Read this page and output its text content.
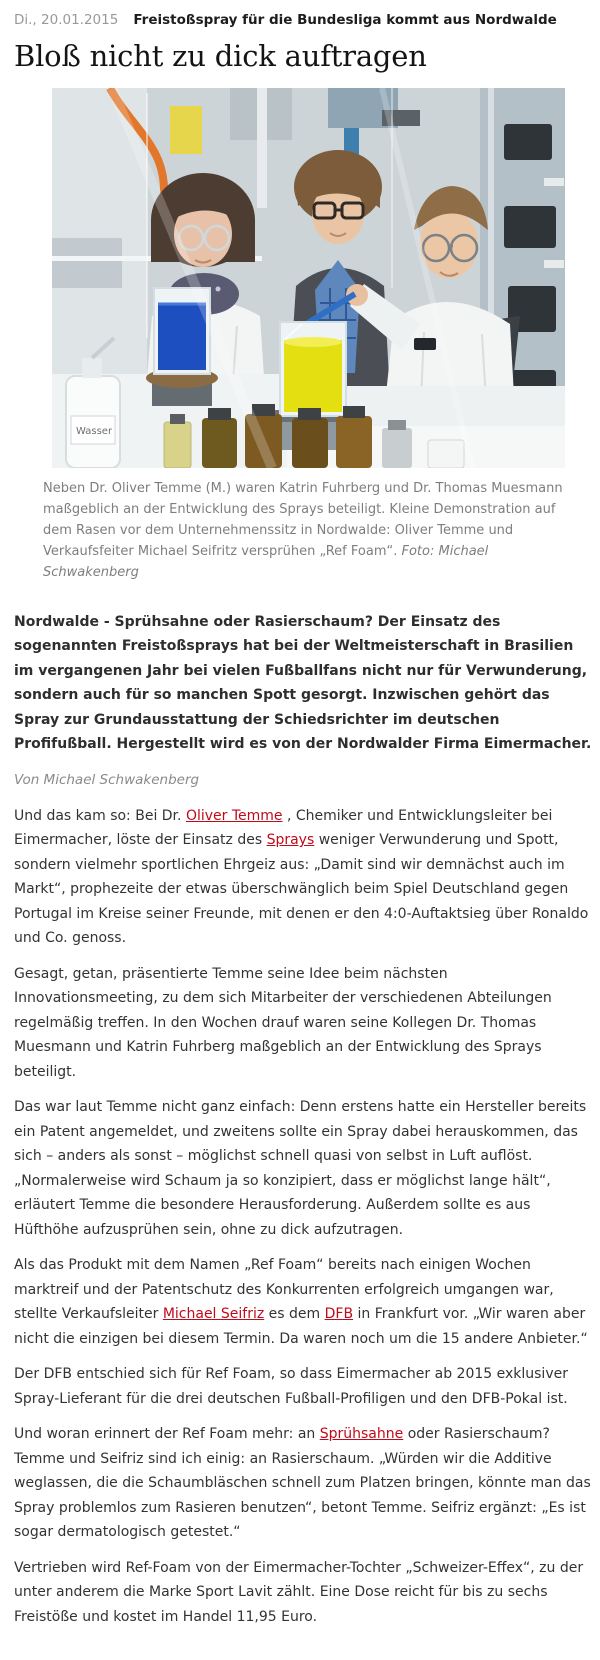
Di., 20.01.2015 Freistoßspray für die Bundesliga kommt aus Nordwalde
Bloß nicht zu dick auftragen
Wasser
Neben Dr. Oliver Temme (M.) waren Katrin Fuhrberg und Dr. Thomas Muesmann maßgeblich an der Entwicklung des Sprays beteiligt. Kleine Demonstration auf dem Rasen vor dem Unternehmenssitz in Nordwalde: Oliver Temme und Verkaufsfeiter Michael Seifritz versprühen „Ref Foam“. Foto: Michael Schwakenberg

Nordwalde - Sprühsahne oder Rasierschaum? Der Einsatz des sogenannten Freistoßsprays hat bei der Weltmeisterschaft in Brasilien im vergangenen Jahr bei vielen Fußballfans nicht nur für Verwunderung, sondern auch für so manchen Spott gesorgt. Inzwischen gehört das Spray zur Grundausstattung der Schiedsrichter im deutschen Profifußball. Hergestellt wird es von der Nordwalder Firma Eimermacher.

Von Michael Schwakenberg

Und das kam so: Bei Dr. Oliver Temme , Chemiker und Entwicklungsleiter bei Eimermacher, löste der Einsatz des Sprays weniger Verwunderung und Spott, sondern vielmehr sportlichen Ehrgeiz aus: „Damit sind wir demnächst auch im Markt“, prophezeite der etwas überschwänglich beim Spiel Deutschland gegen Portugal im Kreise seiner Freunde, mit denen er den 4:0-Auftaktsieg über Ronaldo und Co. genoss.

Gesagt, getan, präsentierte Temme seine Idee beim nächsten Innovationsmeeting, zu dem sich Mitarbeiter der verschiedenen Abteilungen regelmäßig treffen. In den Wochen drauf waren seine Kollegen Dr. Thomas Muesmann und Katrin Fuhrberg maßgeblich an der Entwicklung des Sprays beteiligt.

Das war laut Temme nicht ganz einfach: Denn erstens hatte ein Hersteller bereits ein Patent angemeldet, und zweitens sollte ein Spray dabei herauskommen, das sich – anders als sonst – möglichst schnell quasi von selbst in Luft auflöst. „Normalerweise wird Schaum ja so konzipiert, dass er möglichst lange hält“, erläutert Temme die besondere Herausforderung. Außerdem sollte es aus Hüfthöhe aufzusprühen sein, ohne zu dick aufzutragen.

Als das Produkt mit dem Namen „Ref Foam“ bereits nach einigen Wochen marktreif und der Patentschutz des Konkurrenten erfolgreich umgangen war, stellte Verkaufsleiter Michael Seifriz es dem DFB in Frankfurt vor. „Wir waren aber nicht die einzigen bei diesem Termin. Da waren noch um die 15 andere Anbieter.“

Der DFB entschied sich für Ref Foam, so dass Eimermacher ab 2015 exklusiver Spray-Lieferant für die drei deutschen Fußball-Profiligen und den DFB-Pokal ist.

Und woran erinnert der Ref Foam mehr: an Sprühsahne oder Rasierschaum? Temme und Seifriz sind ich einig: an Rasierschaum. „Würden wir die Additive weglassen, die die Schaumbläschen schnell zum Platzen bringen, könnte man das Spray problemlos zum Rasieren benutzen“, betont Temme. Seifriz ergänzt: „Es ist sogar dermatologisch getestet.“

Vertrieben wird Ref-Foam von der Eimermacher-Tochter „Schweizer-Effex“, zu der unter anderem die Marke Sport Lavit zählt. Eine Dose reicht für bis zu sechs Freistöße und kostet im Handel 11,95 Euro.
